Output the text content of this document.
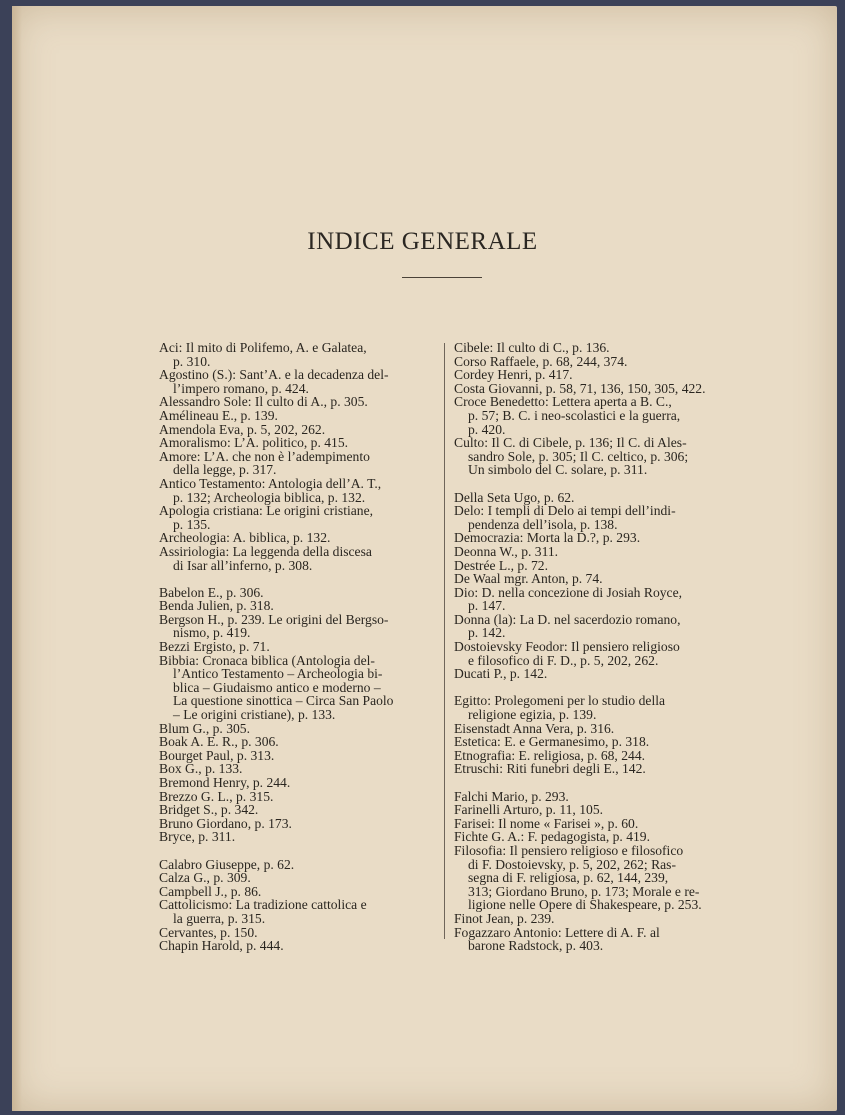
INDICE GENERALE
Aci: Il mito di Polifemo, A. e Galatea,
p. 310.
Agostino (S.): Sant’A. e la decadenza del-
l’impero romano, p. 424.
Alessandro Sole: Il culto di A., p. 305.
Amélineau E., p. 139.
Amendola Eva, p. 5, 202, 262.
Amoralismo: L’A. politico, p. 415.
Amore: L’A. che non è l’adempimento
della legge, p. 317.
Antico Testamento: Antologia dell’A. T.,
p. 132; Archeologia biblica, p. 132.
Apologia cristiana: Le origini cristiane,
p. 135.
Archeologia: A. biblica, p. 132.
Assiriologia: La leggenda della discesa
di Isar all’inferno, p. 308.
Babelon E., p. 306.
Benda Julien, p. 318.
Bergson H., p. 239. Le origini del Bergso-
nismo, p. 419.
Bezzi Ergisto, p. 71.
Bibbia: Cronaca biblica (Antologia del-
l’Antico Testamento – Archeologia bi-
blica – Giudaismo antico e moderno –
La questione sinottica – Circa San Paolo
– Le origini cristiane), p. 133.
Blum G., p. 305.
Boak A. E. R., p. 306.
Bourget Paul, p. 313.
Box G., p. 133.
Bremond Henry, p. 244.
Brezzo G. L., p. 315.
Bridget S., p. 342.
Bruno Giordano, p. 173.
Bryce, p. 311.
Calabro Giuseppe, p. 62.
Calza G., p. 309.
Campbell J., p. 86.
Cattolicismo: La tradizione cattolica e
la guerra, p. 315.
Cervantes, p. 150.
Chapin Harold, p. 444.
Cibele: Il culto di C., p. 136.
Corso Raffaele, p. 68, 244, 374.
Cordey Henri, p. 417.
Costa Giovanni, p. 58, 71, 136, 150, 305, 422.
Croce Benedetto: Lettera aperta a B. C.,
p. 57; B. C. i neo-scolastici e la guerra,
p. 420.
Culto: Il C. di Cibele, p. 136; Il C. di Ales-
sandro Sole, p. 305; Il C. celtico, p. 306;
Un simbolo del C. solare, p. 311.
Della Seta Ugo, p. 62.
Delo: I templi di Delo ai tempi dell’indi-
pendenza dell’isola, p. 138.
Democrazia: Morta la D.?, p. 293.
Deonna W., p. 311.
Destrée L., p. 72.
De Waal mgr. Anton, p. 74.
Dio: D. nella concezione di Josiah Royce,
p. 147.
Donna (la): La D. nel sacerdozio romano,
p. 142.
Dostoievsky Feodor: Il pensiero religioso
e filosofico di F. D., p. 5, 202, 262.
Ducati P., p. 142.
Egitto: Prolegomeni per lo studio della
religione egizia, p. 139.
Eisenstadt Anna Vera, p. 316.
Estetica: E. e Germanesimo, p. 318.
Etnografia: E. religiosa, p. 68, 244.
Etruschi: Riti funebri degli E., 142.
Falchi Mario, p. 293.
Farinelli Arturo, p. 11, 105.
Farisei: Il nome « Farisei », p. 60.
Fichte G. A.: F. pedagogista, p. 419.
Filosofia: Il pensiero religioso e filosofico
di F. Dostoievsky, p. 5, 202, 262; Ras-
segna di F. religiosa, p. 62, 144, 239,
313; Giordano Bruno, p. 173; Morale e re-
ligione nelle Opere di Shakespeare, p. 253.
Finot Jean, p. 239.
Fogazzaro Antonio: Lettere di A. F. al
barone Radstock, p. 403.
